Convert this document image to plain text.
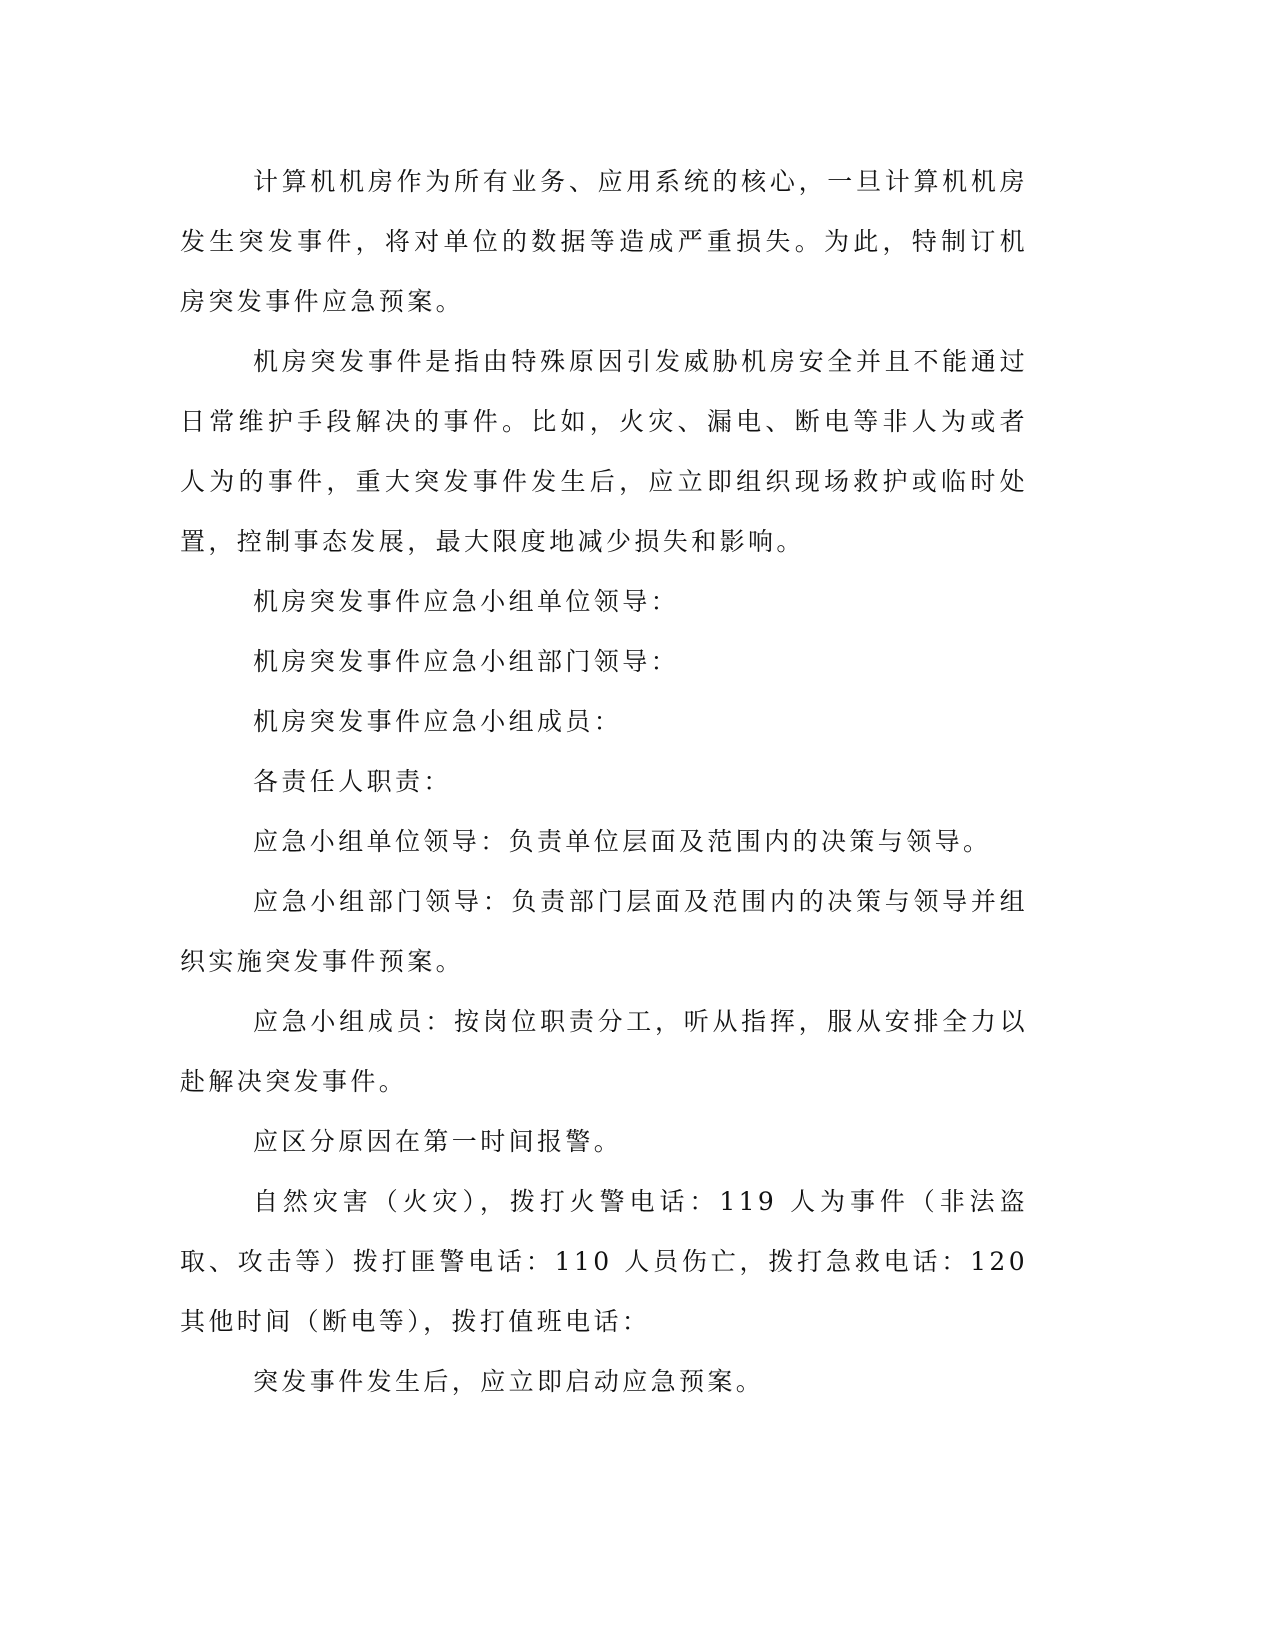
计算机机房作为所有业务、应用系统的核心，一旦计算机机房发生突发事件，将对单位的数据等造成严重损失。为此，特制订机房突发事件应急预案。

机房突发事件是指由特殊原因引发威胁机房安全并且不能通过日常维护手段解决的事件。比如，火灾、漏电、断电等非人为或者人为的事件，重大突发事件发生后，应立即组织现场救护或临时处置，控制事态发展，最大限度地减少损失和影响。

机房突发事件应急小组单位领导：

机房突发事件应急小组部门领导：

机房突发事件应急小组成员：

各责任人职责：

应急小组单位领导：负责单位层面及范围内的决策与领导。

应急小组部门领导：负责部门层面及范围内的决策与领导并组织实施突发事件预案。

应急小组成员：按岗位职责分工，听从指挥，服从安排全力以赴解决突发事件。

应区分原因在第一时间报警。

自然灾害（火灾），拨打火警电话：119 人为事件（非法盗取、攻击等）拨打匪警电话：110 人员伤亡，拨打急救电话：120 其他时间（断电等），拨打值班电话：

突发事件发生后，应立即启动应急预案。
